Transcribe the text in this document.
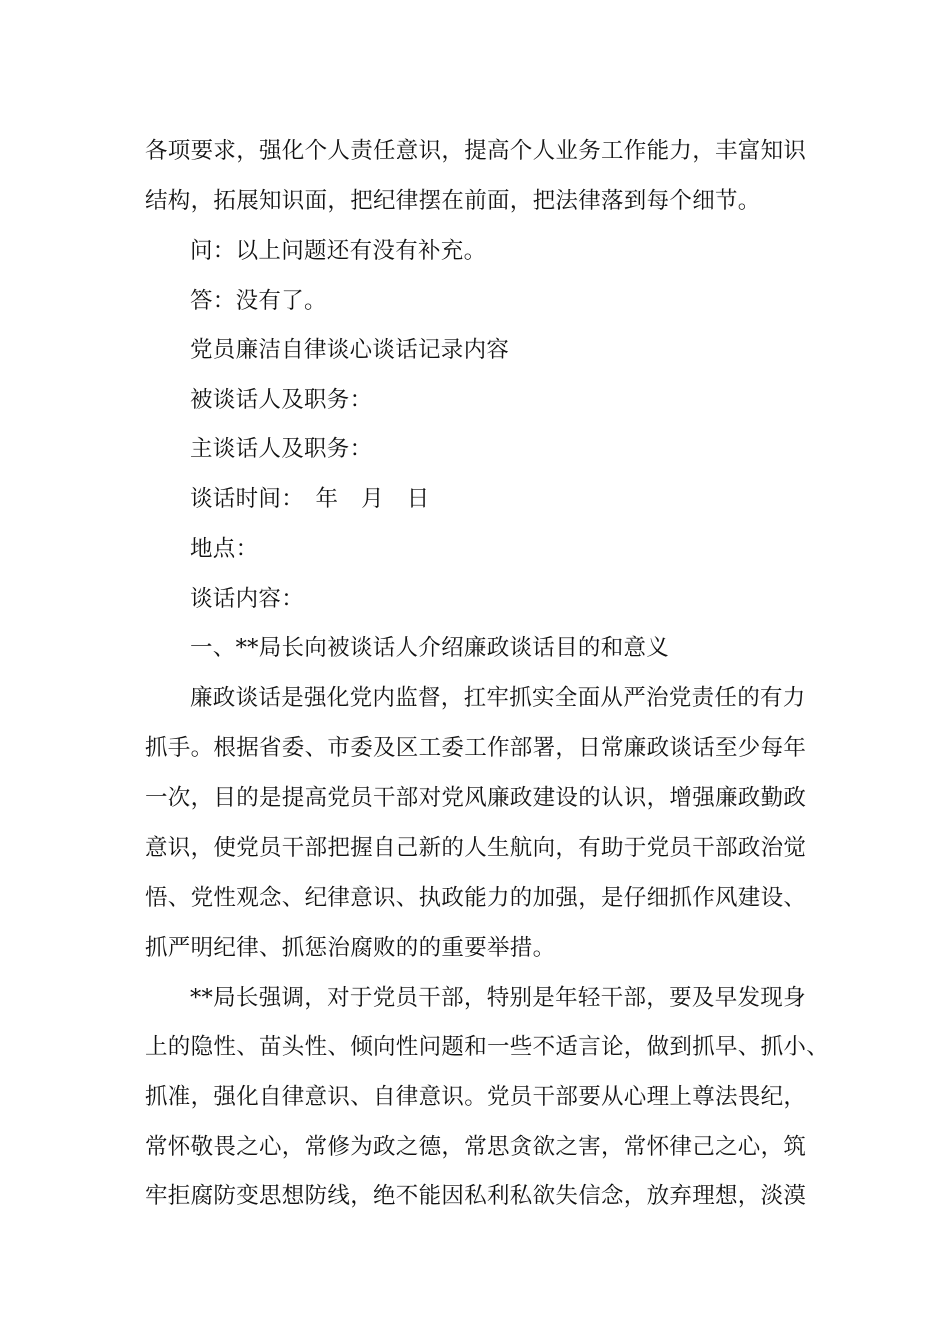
各项要求，强化个人责任意识，提高个人业务工作能力，丰富知识
结构，拓展知识面，把纪律摆在前面，把法律落到每个细节。
问：以上问题还有没有补充。
答：没有了。
党员廉洁自律谈心谈话记录内容
被谈话人及职务：
主谈话人及职务：
谈话时间：　年　月　日
地点：
谈话内容：
一、**局长向被谈话人介绍廉政谈话目的和意义
廉政谈话是强化党内监督，扛牢抓实全面从严治党责任的有力
抓手。根据省委、市委及区工委工作部署，日常廉政谈话至少每年
一次，目的是提高党员干部对党风廉政建设的认识，增强廉政勤政
意识，使党员干部把握自己新的人生航向，有助于党员干部政治觉
悟、党性观念、纪律意识、执政能力的加强，是仔细抓作风建设、
抓严明纪律、抓惩治腐败的的重要举措。
**局长强调，对于党员干部，特别是年轻干部，要及早发现身
上的隐性、苗头性、倾向性问题和一些不适言论，做到抓早、抓小、
抓准，强化自律意识、自律意识。党员干部要从心理上尊法畏纪，
常怀敬畏之心，常修为政之德，常思贪欲之害，常怀律己之心，筑
牢拒腐防变思想防线，绝不能因私利私欲失信念，放弃理想，淡漠
